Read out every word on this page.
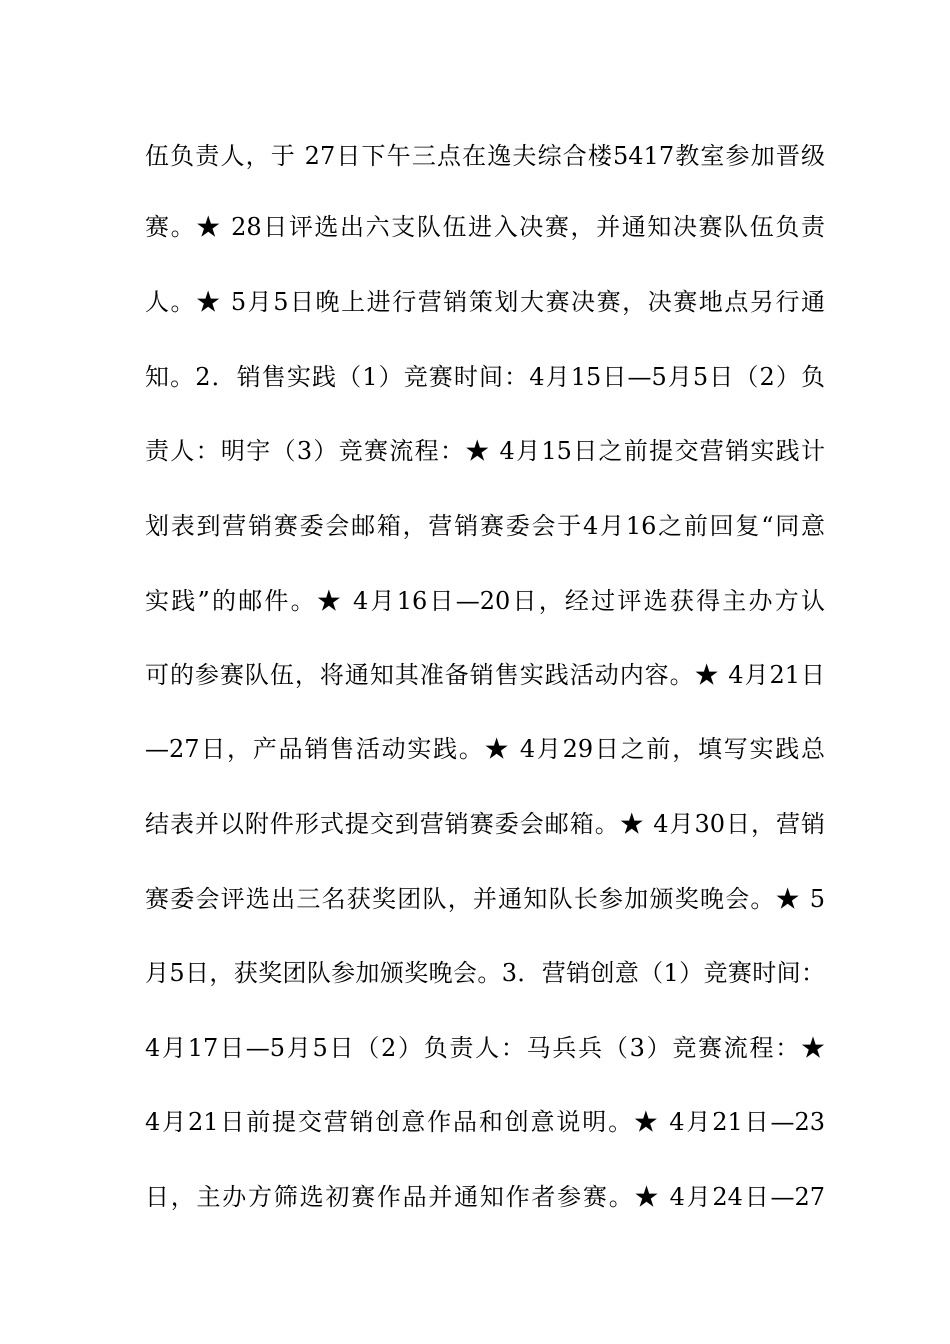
伍负责人，于 27日下午三点在逸夫综合楼5417教室参加晋级
赛。★ 28日评选出六支队伍进入决赛，并通知决赛队伍负责
人。★ 5月5日晚上进行营销策划大赛决赛，决赛地点另行通
知。2．销售实践（1）竞赛时间：4月15日—5月5日（2）负
责人：明宇（3）竞赛流程：★ 4月15日之前提交营销实践计
划表到营销赛委会邮箱，营销赛委会于4月16之前回复“同意
实践”的邮件。★ 4月16日—20日，经过评选获得主办方认
可的参赛队伍，将通知其准备销售实践活动内容。★ 4月21日
—27日，产品销售活动实践。★ 4月29日之前，填写实践总
结表并以附件形式提交到营销赛委会邮箱。★ 4月30日，营销
赛委会评选出三名获奖团队，并通知队长参加颁奖晚会。★ 5
月5日，获奖团队参加颁奖晚会。3．营销创意（1）竞赛时间：
4月17日—5月5日（2）负责人：马兵兵（3）竞赛流程：★
4月21日前提交营销创意作品和创意说明。★ 4月21日—23
日，主办方筛选初赛作品并通知作者参赛。★ 4月24日—27
